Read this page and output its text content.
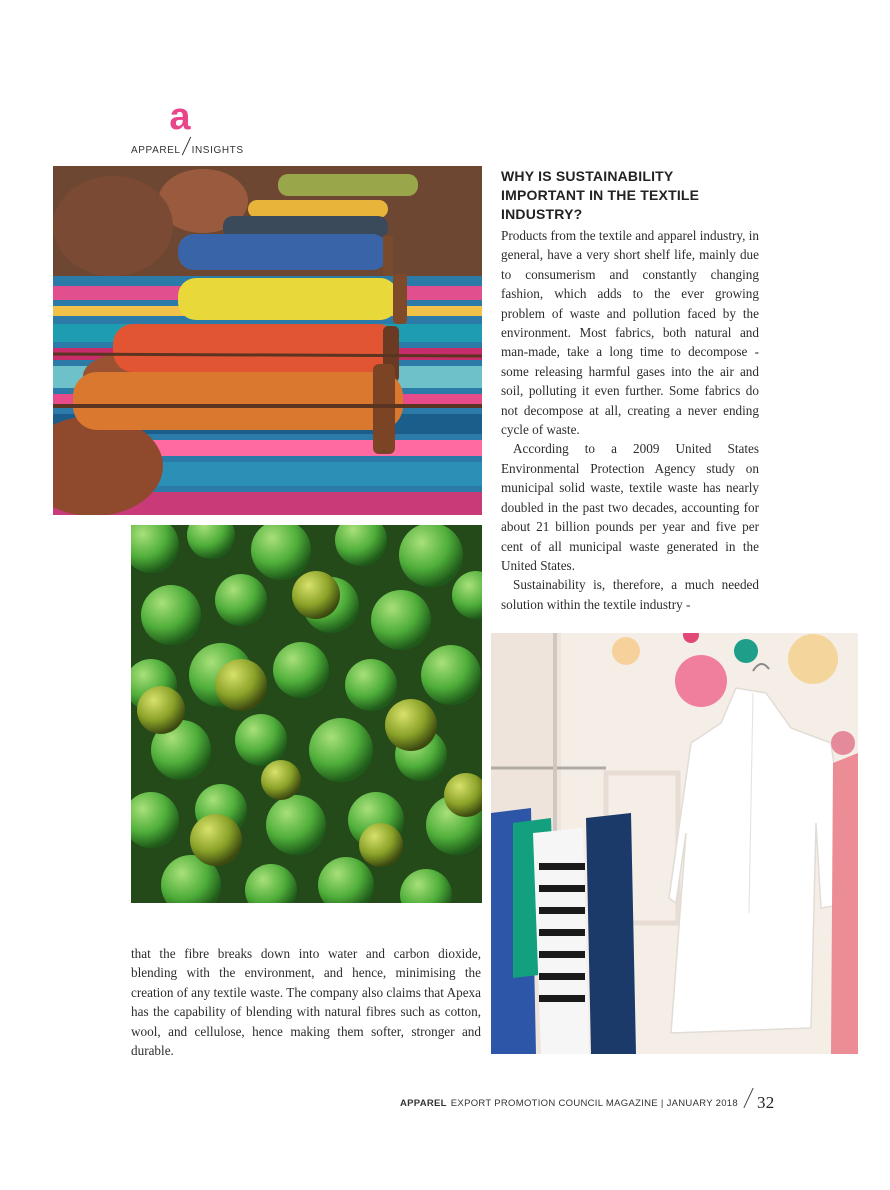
a
APPAREL INSIGHTS
WHY IS SUSTAINABILITY IMPORTANT IN THE TEXTILE INDUSTRY?

Products from the textile and apparel industry, in general, have a very short shelf life, mainly due to consumerism and constantly changing fashion, which adds to the ever growing problem of waste and pollution faced by the environment. Most fabrics, both natural and man-made, take a long time to decompose - some releasing harmful gases into the air and soil, polluting it even further. Some fabrics do not decompose at all, creating a never ending cycle of waste.

According to a 2009 United States Environmental Protection Agency study on municipal solid waste, textile waste has nearly doubled in the past two decades, accounting for about 21 billion pounds per year and five per cent of all municipal waste generated in the United States.

Sustainability is, therefore, a much needed solution within the textile industry -

that the fibre breaks down into water and carbon dioxide, blending with the environment, and hence, minimising the creation of any textile waste. The company also claims that Apexa has the capability of blending with natural fibres such as cotton, wool, and cellulose, hence making them softer, stronger and durable.

APPAREL EXPORT PROMOTION COUNCIL MAGAZINE | JANUARY 2018 32
